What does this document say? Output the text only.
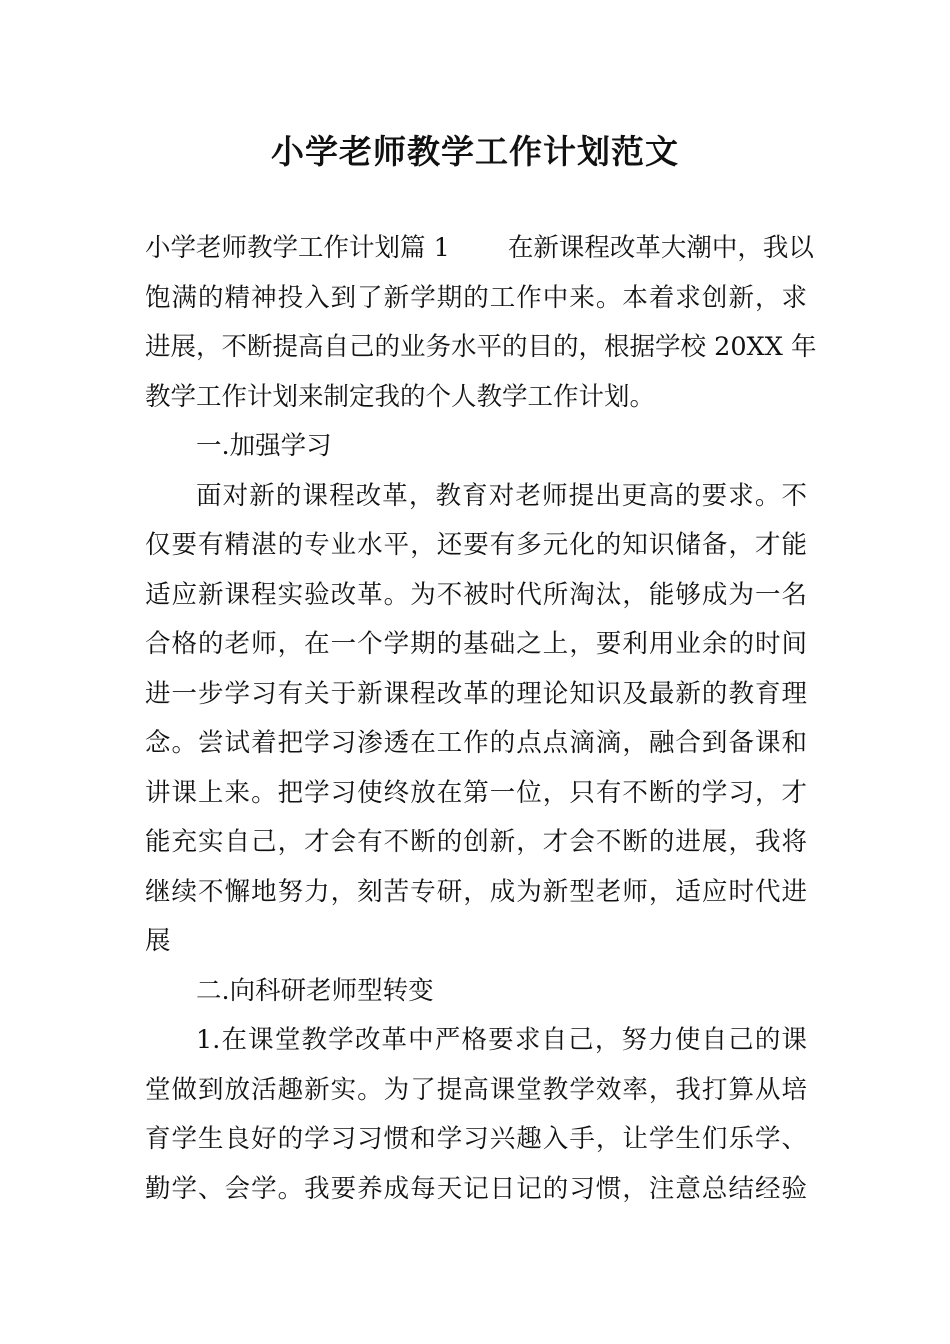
小学老师教学工作计划范文
小学老师教学工作计划篇 1 在新课程改革大潮中，我以
饱满的精神投入到了新学期的工作中来。本着求创新，求
进展，不断提高自己的业务水平的目的，根据学校 20XX 年
教学工作计划来制定我的个人教学工作计划。
一.加强学习
面对新的课程改革，教育对老师提出更高的要求。不
仅要有精湛的专业水平，还要有多元化的知识储备，才能
适应新课程实验改革。为不被时代所淘汰，能够成为一名
合格的老师，在一个学期的基础之上，要利用业余的时间
进一步学习有关于新课程改革的理论知识及最新的教育理
念。尝试着把学习渗透在工作的点点滴滴，融合到备课和
讲课上来。把学习使终放在第一位，只有不断的学习，才
能充实自己，才会有不断的创新，才会不断的进展，我将
继续不懈地努力，刻苦专研，成为新型老师，适应时代进
展
二.向科研老师型转变
1.在课堂教学改革中严格要求自己，努力使自己的课
堂做到放活趣新实。为了提高课堂教学效率，我打算从培
育学生良好的学习习惯和学习兴趣入手，让学生们乐学、
勤学、会学。我要养成每天记日记的习惯，注意总结经验
